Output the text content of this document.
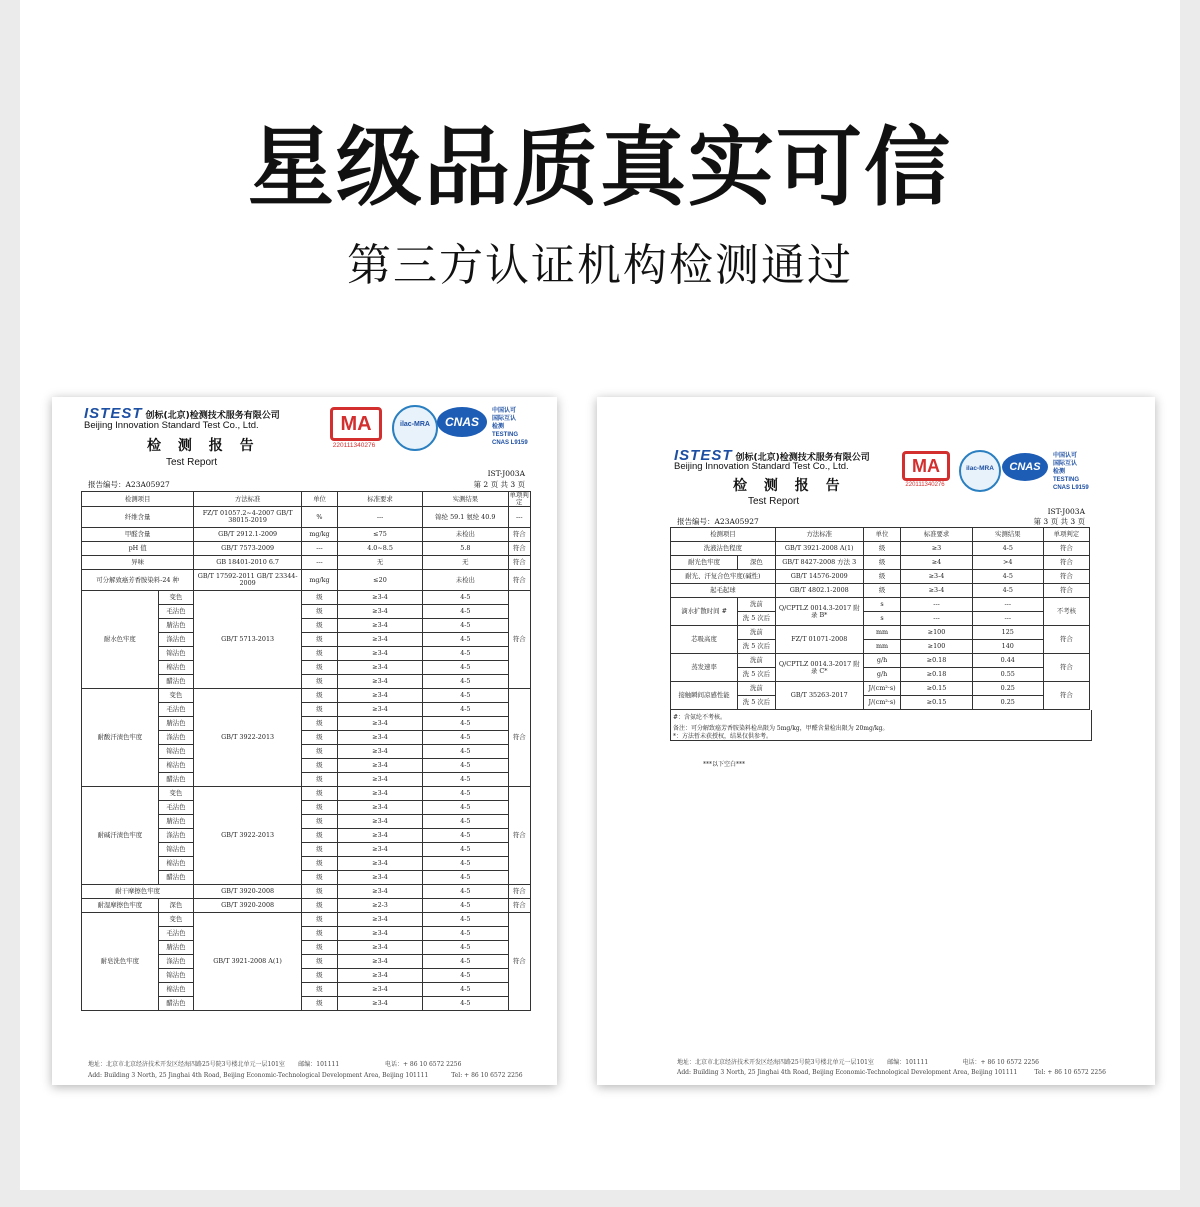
星级品质真实可信
第三方认证机构检测通过
ISTEST 创标(北京)检测技术服务有限公司
Beijing Innovation Standard Test Co., Ltd.
检 测 报 告
Test Report
MA
220111340276
ilac-MRA	CNAS
中国认可
国际互认
检测
TESTING
CNAS L9159
IST-J003A
报告编号：A23A05927	第 2 页 共 3 页
检测项目		方法标准	单位	标准要求	实测结果	单项判定
纤维含量		FZ/T 01057.2~4-2007 GB/T 38015-2019	%	---	锦纶 59.1 氨纶 40.9	---
甲醛含量		GB/T 2912.1-2009	mg/kg	≤75	未检出	符合
pH 值		GB/T 7573-2009	---	4.0~8.5	5.8	符合
异味		GB 18401-2010 6.7	---	无	无	符合
可分解致癌芳香胺染料-24 种		GB/T 17592-2011 GB/T 23344-2009	mg/kg	≤20	未检出	符合
耐水色牢度	变色	GB/T 5713-2013	级	≥3-4	4-5	符合
	毛沾色		级	≥3-4	4-5	
	腈沾色		级	≥3-4	4-5	
	涤沾色		级	≥3-4	4-5	
	锦沾色		级	≥3-4	4-5	
	棉沾色		级	≥3-4	4-5	
	醋沾色		级	≥3-4	4-5	
耐酸汗渍色牢度	变色	GB/T 3922-2013	级	≥3-4	4-5	符合
	毛沾色		级	≥3-4	4-5	
	腈沾色		级	≥3-4	4-5	
	涤沾色		级	≥3-4	4-5	
	锦沾色		级	≥3-4	4-5	
	棉沾色		级	≥3-4	4-5	
	醋沾色		级	≥3-4	4-5	
耐碱汗渍色牢度	变色	GB/T 3922-2013	级	≥3-4	4-5	符合
	毛沾色		级	≥3-4	4-5	
	腈沾色		级	≥3-4	4-5	
	涤沾色		级	≥3-4	4-5	
	锦沾色		级	≥3-4	4-5	
	棉沾色		级	≥3-4	4-5	
	醋沾色		级	≥3-4	4-5	
耐干摩擦色牢度		GB/T 3920-2008	级	≥3-4	4-5	符合
耐湿摩擦色牢度	深色	GB/T 3920-2008	级	≥2-3	4-5	符合
耐皂洗色牢度	变色	GB/T 3921-2008 A(1)	级	≥3-4	4-5	符合
	毛沾色		级	≥3-4	4-5	
	腈沾色		级	≥3-4	4-5	
	涤沾色		级	≥3-4	4-5	
	锦沾色		级	≥3-4	4-5	
	棉沾色		级	≥3-4	4-5	
	醋沾色		级	≥3-4	4-5	
地址：北京市北京经济技术开发区经海四路25号院3号楼北单元一层101室 邮编：101111	电话：+ 86 10 6572 2256
Add: Building 3 North, 25 Jinghai 4th Road, Beijing Economic-Technological Development Area, Beijing 101111	Tel: + 86 10 6572 2256
ISTEST 创标(北京)检测技术服务有限公司
Beijing Innovation Standard Test Co., Ltd.
检 测 报 告
Test Report
MA
220111340276
ilac-MRA	CNAS
中国认可
国际互认
检测
TESTING
CNAS L9159
IST-J003A
报告编号：A23A05927	第 3 页 共 3 页
检测项目		方法标准	单位	标准要求	实测结果	单项判定
洗液沾色程度		GB/T 3921-2008 A(1)	级	≥3	4-5	符合
耐光色牢度	深色	GB/T 8427-2008 方法 3	级	≥4	>4	符合
耐光、汗复合色牢度(碱性)		GB/T 14576-2009	级	≥3-4	4-5	符合
起毛起球		GB/T 4802.1-2008	级	≥3-4	4-5	符合
滴水扩散时间 #	洗前	Q/CPTLZ 0014.3-2017 附录 B*	s	---	---	不考核
	洗 5 次后		s	---	---	
芯吸高度	洗前	FZ/T 01071-2008	mm	≥100	125	符合
	洗 5 次后		mm	≥100	140	
蒸发速率	洗前	Q/CPTLZ 0014.3-2017 附录 C*	g/h	≥0.18	0.44	符合
	洗 5 次后		g/h	≥0.18	0.55	
接触瞬间凉感性能	洗前	GB/T 35263-2017	J/(cm²·s)	≥0.15	0.25	符合
	洗 5 次后		J/(cm²·s)	≥0.15	0.25	
#：含氨纶不考核。
备注：可分解致癌芳香胺染料检出限为 5mg/kg，甲醛含量检出限为 20mg/kg。
*：方法暂未获授权，结果仅供参考。
***以下空白***
地址：北京市北京经济技术开发区经海四路25号院3号楼北单元一层101室 邮编：101111	电话：+ 86 10 6572 2256
Add: Building 3 North, 25 Jinghai 4th Road, Beijing Economic-Technological Development Area, Beijing 101111	Tel: + 86 10 6572 2256
